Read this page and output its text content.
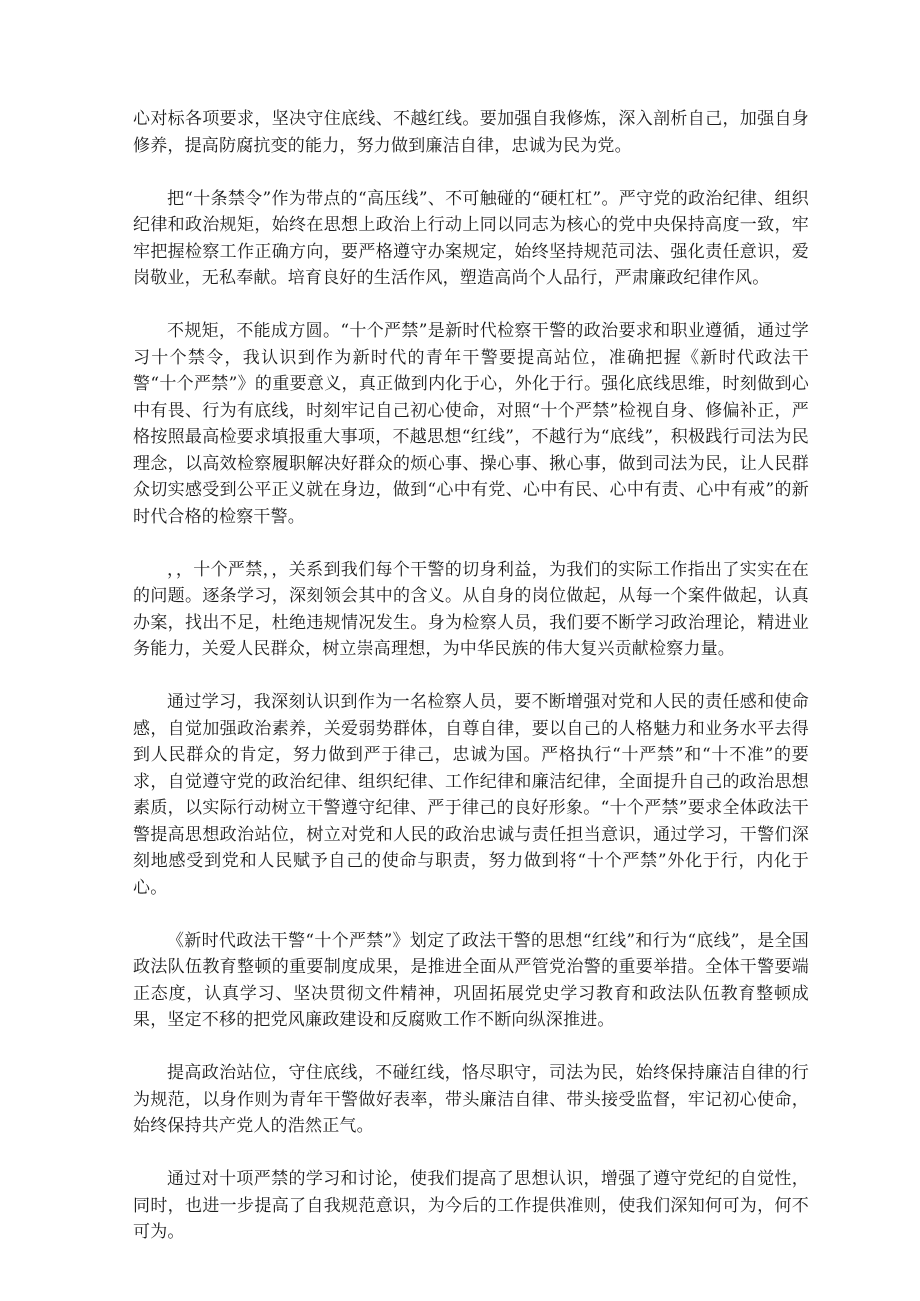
心对标各项要求，坚决守住底线、不越红线。要加强自我修炼，深入剖析自己，加强自身修养，提高防腐抗变的能力，努力做到廉洁自律，忠诚为民为党。

把“十条禁令”作为带点的“高压线”、不可触碰的“硬杠杠”。严守党的政治纪律、组织纪律和政治规矩，始终在思想上政治上行动上同以同志为核心的党中央保持高度一致，牢牢把握检察工作正确方向，要严格遵守办案规定，始终坚持规范司法、强化责任意识，爱岗敬业，无私奉献。培育良好的生活作风，塑造高尚个人品行，严肃廉政纪律作风。

不规矩，不能成方圆。“十个严禁”是新时代检察干警的政治要求和职业遵循，通过学习十个禁令，我认识到作为新时代的青年干警要提高站位，准确把握《新时代政法干警“十个严禁”》的重要意义，真正做到内化于心，外化于行。强化底线思维，时刻做到心中有畏、行为有底线，时刻牢记自己初心使命，对照“十个严禁”检视自身、修偏补正，严格按照最高检要求填报重大事项，不越思想“红线”，不越行为“底线”，积极践行司法为民理念，以高效检察履职解决好群众的烦心事、操心事、揪心事，做到司法为民，让人民群众切实感受到公平正义就在身边，做到“心中有党、心中有民、心中有责、心中有戒”的新时代合格的检察干警。

，，十个严禁，，关系到我们每个干警的切身利益，为我们的实际工作指出了实实在在的问题。逐条学习，深刻领会其中的含义。从自身的岗位做起，从每一个案件做起，认真办案，找出不足，杜绝违规情况发生。身为检察人员，我们要不断学习政治理论，精进业务能力，关爱人民群众，树立崇高理想，为中华民族的伟大复兴贡献检察力量。

通过学习，我深刻认识到作为一名检察人员，要不断增强对党和人民的责任感和使命感，自觉加强政治素养，关爱弱势群体，自尊自律，要以自己的人格魅力和业务水平去得到人民群众的肯定，努力做到严于律己，忠诚为国。严格执行“十严禁”和“十不准”的要求，自觉遵守党的政治纪律、组织纪律、工作纪律和廉洁纪律，全面提升自己的政治思想素质，以实际行动树立干警遵守纪律、严于律己的良好形象。“十个严禁”要求全体政法干警提高思想政治站位，树立对党和人民的政治忠诚与责任担当意识，通过学习，干警们深刻地感受到党和人民赋予自己的使命与职责，努力做到将“十个严禁”外化于行，内化于心。

《新时代政法干警“十个严禁”》划定了政法干警的思想“红线”和行为“底线”，是全国政法队伍教育整顿的重要制度成果，是推进全面从严管党治警的重要举措。全体干警要端正态度，认真学习、坚决贯彻文件精神，巩固拓展党史学习教育和政法队伍教育整顿成果，坚定不移的把党风廉政建设和反腐败工作不断向纵深推进。

提高政治站位，守住底线，不碰红线，恪尽职守，司法为民，始终保持廉洁自律的行为规范，以身作则为青年干警做好表率，带头廉洁自律、带头接受监督，牢记初心使命，始终保持共产党人的浩然正气。

通过对十项严禁的学习和讨论，使我们提高了思想认识，增强了遵守党纪的自觉性，同时，也进一步提高了自我规范意识，为今后的工作提供准则，使我们深知何可为，何不可为。
